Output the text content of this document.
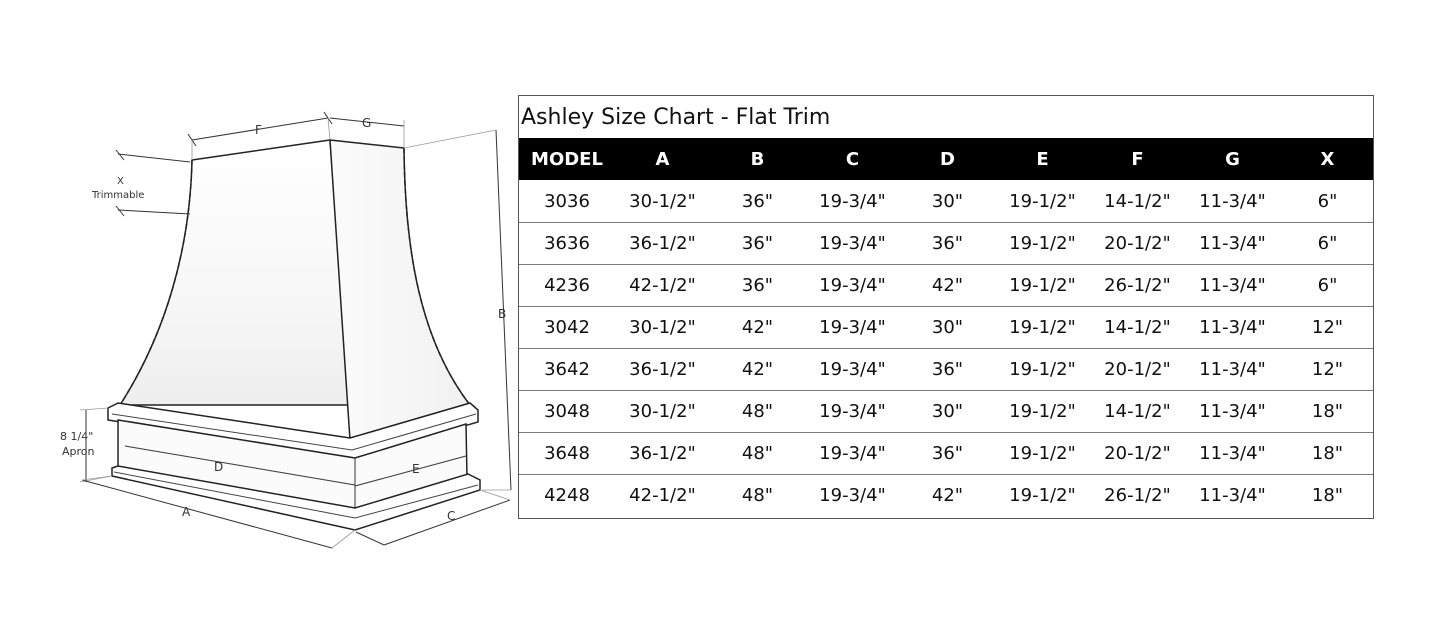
F	G
X
Trimmable
B
8 1/4"
Apron
D	E
A	C
Ashley Size Chart - Flat Trim
MODEL	A	B	C	D	E	F	G	X
3036	30-1/2"	36"	19-3/4"	30"	19-1/2"	14-1/2"	11-3/4"	6"
3636	36-1/2"	36"	19-3/4"	36"	19-1/2"	20-1/2"	11-3/4"	6"
4236	42-1/2"	36"	19-3/4"	42"	19-1/2"	26-1/2"	11-3/4"	6"
3042	30-1/2"	42"	19-3/4"	30"	19-1/2"	14-1/2"	11-3/4"	12"
3642	36-1/2"	42"	19-3/4"	36"	19-1/2"	20-1/2"	11-3/4"	12"
3048	30-1/2"	48"	19-3/4"	30"	19-1/2"	14-1/2"	11-3/4"	18"
3648	36-1/2"	48"	19-3/4"	36"	19-1/2"	20-1/2"	11-3/4"	18"
4248	42-1/2"	48"	19-3/4"	42"	19-1/2"	26-1/2"	11-3/4"	18"
